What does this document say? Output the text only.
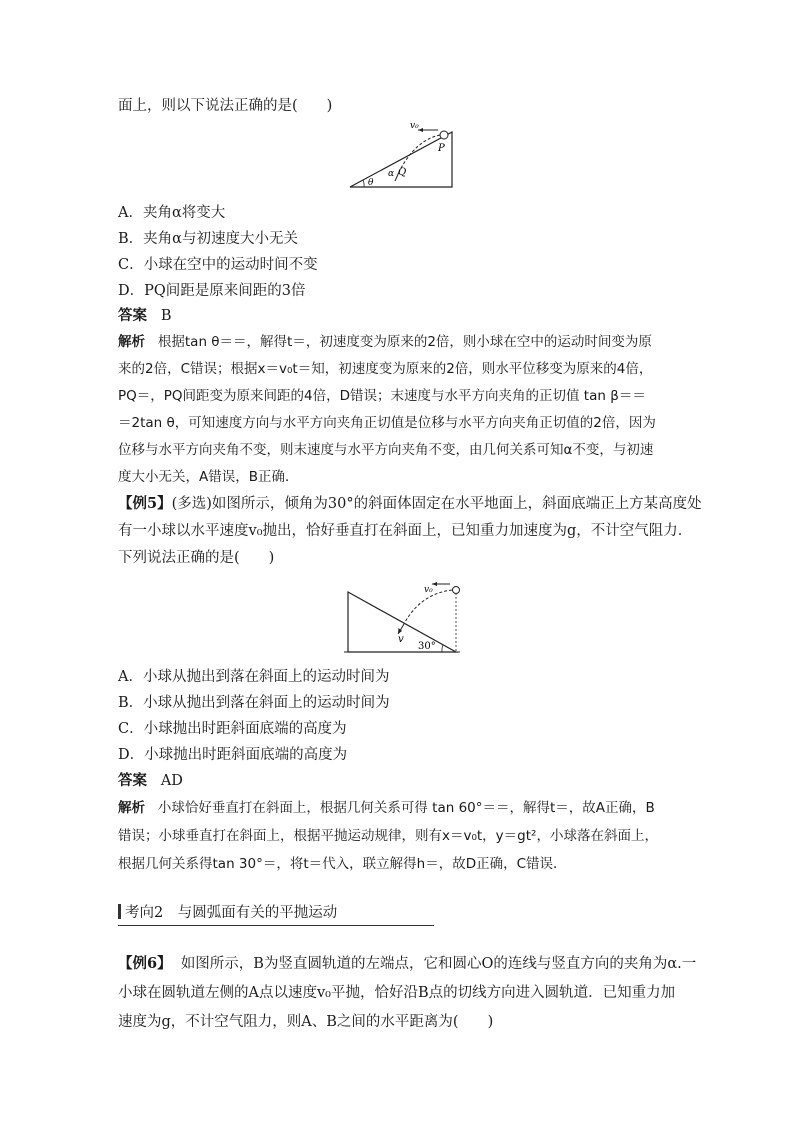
面上，则以下说法正确的是(　　)
v₀
P
Q
α
θ
A．夹角α将变大
B．夹角α与初速度大小无关
C．小球在空中的运动时间不变
D．PQ间距是原来间距的3倍
答案 B
解析 根据tan θ＝＝，解得t＝，初速度变为原来的2倍，则小球在空中的运动时间变为原
来的2倍，C错误；根据x＝v₀t＝知，初速度变为原来的2倍，则水平位移变为原来的4倍，
PQ＝，PQ间距变为原来间距的4倍，D错误；末速度与水平方向夹角的正切值 tan β＝＝
＝2tan θ，可知速度方向与水平方向夹角正切值是位移与水平方向夹角正切值的2倍，因为
位移与水平方向夹角不变，则末速度与水平方向夹角不变，由几何关系可知α不变，与初速
度大小无关，A错误，B正确．
【例5】(多选)如图所示，倾角为30°的斜面体固定在水平地面上，斜面底端正上方某高度处
有一小球以水平速度v₀抛出，恰好垂直打在斜面上，已知重力加速度为g，不计空气阻力．
下列说法正确的是(　　)
v₀
v
30°
A．小球从抛出到落在斜面上的运动时间为
B．小球从抛出到落在斜面上的运动时间为
C．小球抛出时距斜面底端的高度为
D．小球抛出时距斜面底端的高度为
答案 AD
解析 小球恰好垂直打在斜面上，根据几何关系可得 tan 60°＝＝，解得t＝，故A正确，B
错误；小球垂直打在斜面上，根据平抛运动规律，则有x＝v₀t，y＝gt²，小球落在斜面上，
根据几何关系得tan 30°＝，将t＝代入，联立解得h＝，故D正确，C错误．
考向2　与圆弧面有关的平抛运动
【例6】 如图所示，B为竖直圆轨道的左端点，它和圆心O的连线与竖直方向的夹角为α.一
小球在圆轨道左侧的A点以速度v₀平抛，恰好沿B点的切线方向进入圆轨道．已知重力加
速度为g，不计空气阻力，则A、B之间的水平距离为(　　)
